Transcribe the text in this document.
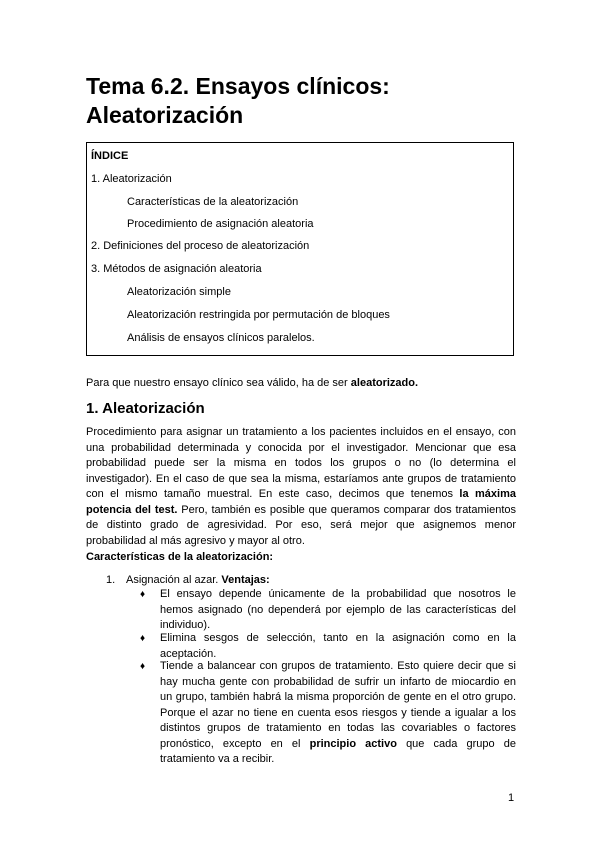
Tema 6.2. Ensayos clínicos: Aleatorización
ÍNDICE
1. Aleatorización
Características de la aleatorización
Procedimiento de asignación aleatoria
2. Definiciones del proceso de aleatorización
3. Métodos de asignación aleatoria
Aleatorización simple
Aleatorización restringida por permutación de bloques
Análisis de ensayos clínicos paralelos.

Para que nuestro ensayo clínico sea válido, ha de ser aleatorizado.

1. Aleatorización

Procedimiento para asignar un tratamiento a los pacientes incluidos en el ensayo, con una probabilidad determinada y conocida por el investigador. Mencionar que esa probabilidad puede ser la misma en todos los grupos o no (lo determina el investigador). En el caso de que sea la misma, estaríamos ante grupos de tratamiento con el mismo tamaño muestral. En este caso, decimos que tenemos la máxima potencia del test. Pero, también es posible que queramos comparar dos tratamientos de distinto grado de agresividad. Por eso, será mejor que asignemos menor probabilidad al más agresivo y mayor al otro.

Características de la aleatorización:

1. Asignación al azar. Ventajas:
♦	El ensayo depende únicamente de la probabilidad que nosotros le hemos asignado (no dependerá por ejemplo de las características del individuo).

♦	Elimina sesgos de selección, tanto en la asignación como en la aceptación.

♦	Tiende a balancear con grupos de tratamiento. Esto quiere decir que si hay mucha gente con probabilidad de sufrir un infarto de miocardio en un grupo, también habrá la misma proporción de gente en el otro grupo. Porque el azar no tiene en cuenta esos riesgos y tiende a igualar a los distintos grupos de tratamiento en todas las covariables o factores pronóstico, excepto en el principio activo que cada grupo de tratamiento va a recibir.

1
